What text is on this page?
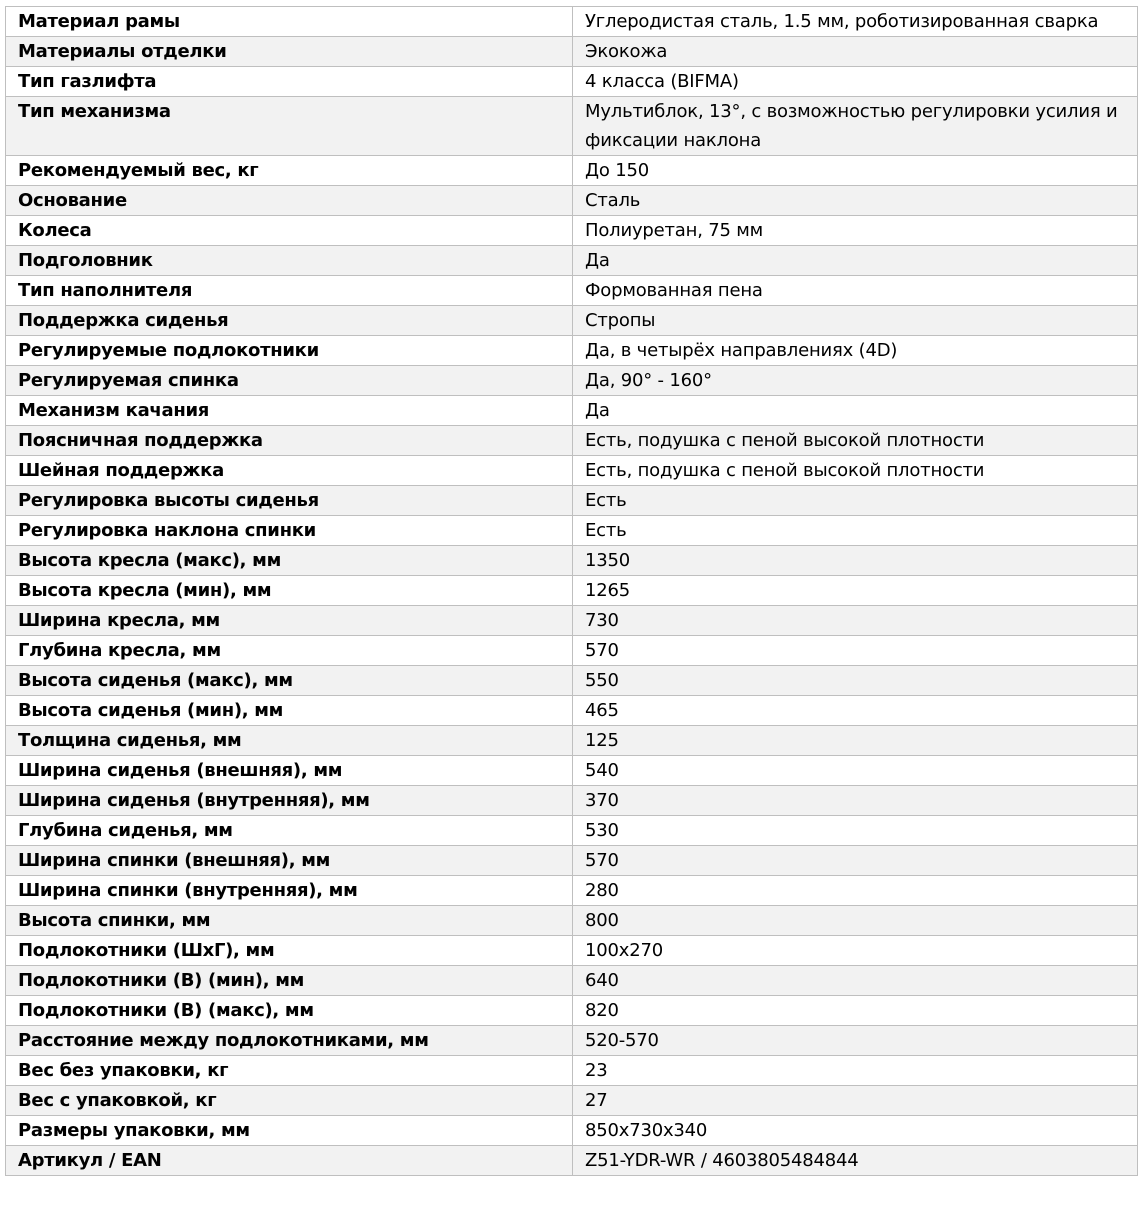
Материал рамы	Углеродистая сталь, 1.5 мм, роботизированная сварка
Материалы отделки	Экокожа
Тип газлифта	4 класса (BIFMA)
Тип механизма	Мультиблок, 13°, с возможностью регулировки усилия и фиксации наклона
Рекомендуемый вес, кг	До 150
Основание	Сталь
Колеса	Полиуретан, 75 мм
Подголовник	Да
Тип наполнителя	Формованная пена
Поддержка сиденья	Стропы
Регулируемые подлокотники	Да, в четырёх направлениях (4D)
Регулируемая спинка	Да, 90° - 160°
Механизм качания	Да
Поясничная поддержка	Есть, подушка с пеной высокой плотности
Шейная поддержка	Есть, подушка с пеной высокой плотности
Регулировка высоты сиденья	Есть
Регулировка наклона спинки	Есть
Высота кресла (макс), мм	1350
Высота кресла (мин), мм	1265
Ширина кресла, мм	730
Глубина кресла, мм	570
Высота сиденья (макс), мм	550
Высота сиденья (мин), мм	465
Толщина сиденья, мм	125
Ширина сиденья (внешняя), мм	540
Ширина сиденья (внутренняя), мм	370
Глубина сиденья, мм	530
Ширина спинки (внешняя), мм	570
Ширина спинки (внутренняя), мм	280
Высота спинки, мм	800
Подлокотники (ШхГ), мм	100x270
Подлокотники (В) (мин), мм	640
Подлокотники (В) (макс), мм	820
Расстояние между подлокотниками, мм	520-570
Вес без упаковки, кг	23
Вес с упаковкой, кг	27
Размеры упаковки, мм	850x730x340
Артикул / EAN	Z51-YDR-WR / 4603805484844
